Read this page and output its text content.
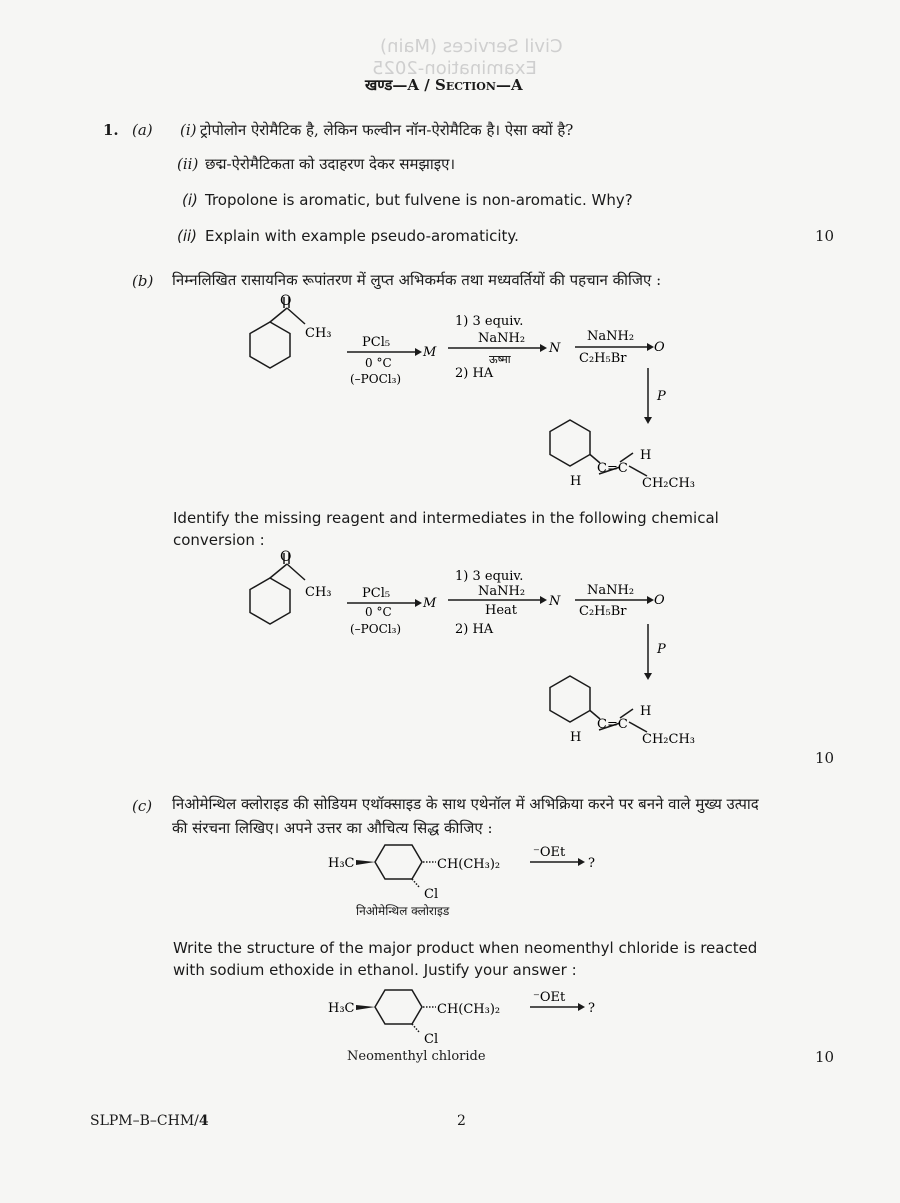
Civil Services (Main)
Examination-2025
खण्ड—A / Section—A
1. (a) (i) ट्रोपोलोन ऐरोमैटिक है, लेकिन फल्वीन नॉन-ऐरोमैटिक है। ऐसा क्यों है?
(ii) छद्म-ऐरोमैटिकता को उदाहरण देकर समझाइए।
(i) Tropolone is aromatic, but fulvene is non-aromatic. Why?
(ii) Explain with example pseudo-aromaticity.	10
(b) निम्नलिखित रासायनिक रूपांतरण में लुप्त अभिकर्मक तथा मध्यवर्तियों की पहचान कीजिए :
O
CH₃
PCl₅
0 °C
(–POCl₃)
M
1) 3 equiv.
NaNH₂
ऊष्मा
2) HA
N
NaNH₂
C₂H₅Br
O
P
C=C
H
H	CH₂CH₃
Identify the missing reagent and intermediates in the following chemical
conversion :
O
CH₃ PCl₅
0 °C
(–POCl₃)
M
1) 3 equiv.
NaNH₂
Heat
2) HA
N
NaNH₂
C₂H₅Br
O
P
C=C
H
H	CH₂CH₃
10
(c) निओमेन्थिल क्लोराइड की सोडियम एथॉक्साइड के साथ एथेनॉल में अभिक्रिया करने पर बनने वाले मुख्य उत्पाद
की संरचना लिखिए। अपने उत्तर का औचित्य सिद्ध कीजिए :
H₃C	CH(CH₃)₂
Cl
⁻OEt
?
निओमेन्थिल क्लोराइड
Write the structure of the major product when neomenthyl chloride is reacted
with sodium ethoxide in ethanol. Justify your answer :
H₃C	CH(CH₃)₂
Cl
⁻OEt
?
Neomenthyl chloride	10
SLPM–B–CHM/4	2
